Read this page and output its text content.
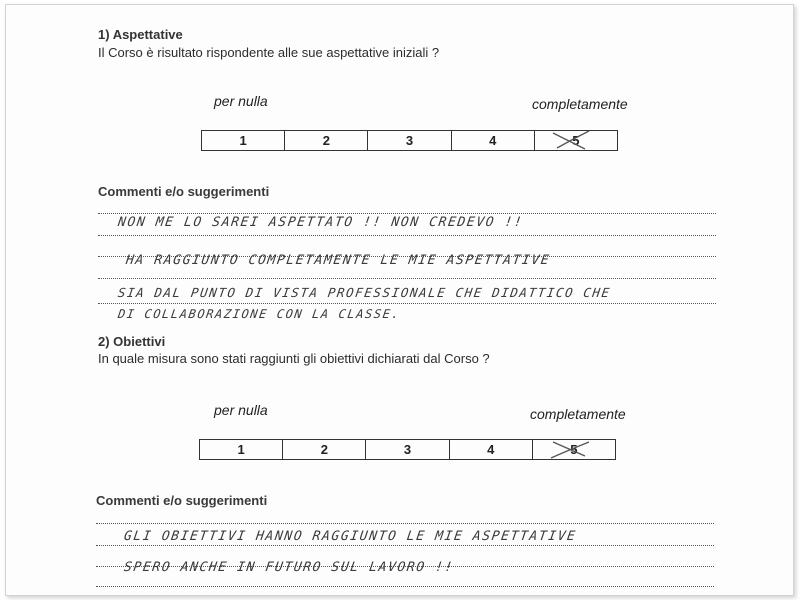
1) Aspettative
Il Corso è risultato rispondente alle sue aspettative iniziali ?
per nulla	completamente
1	2	3	4	5
Commenti e/o suggerimenti
NON ME LO SAREI ASPETTATO !! NON CREDEVO !!
HA RAGGIUNTO COMPLETAMENTE LE MIE ASPETTATIVE
SIA DAL PUNTO DI VISTA PROFESSIONALE CHE DIDATTICO CHE
DI COLLABORAZIONE CON LA CLASSE.
2) Obiettivi
In quale misura sono stati raggiunti gli obiettivi dichiarati dal Corso ?
per nulla	completamente
1	2	3	4	5
Commenti e/o suggerimenti
GLI OBIETTIVI HANNO RAGGIUNTO LE MIE ASPETTATIVE
SPERO ANCHE IN FUTURO SUL LAVORO !!
